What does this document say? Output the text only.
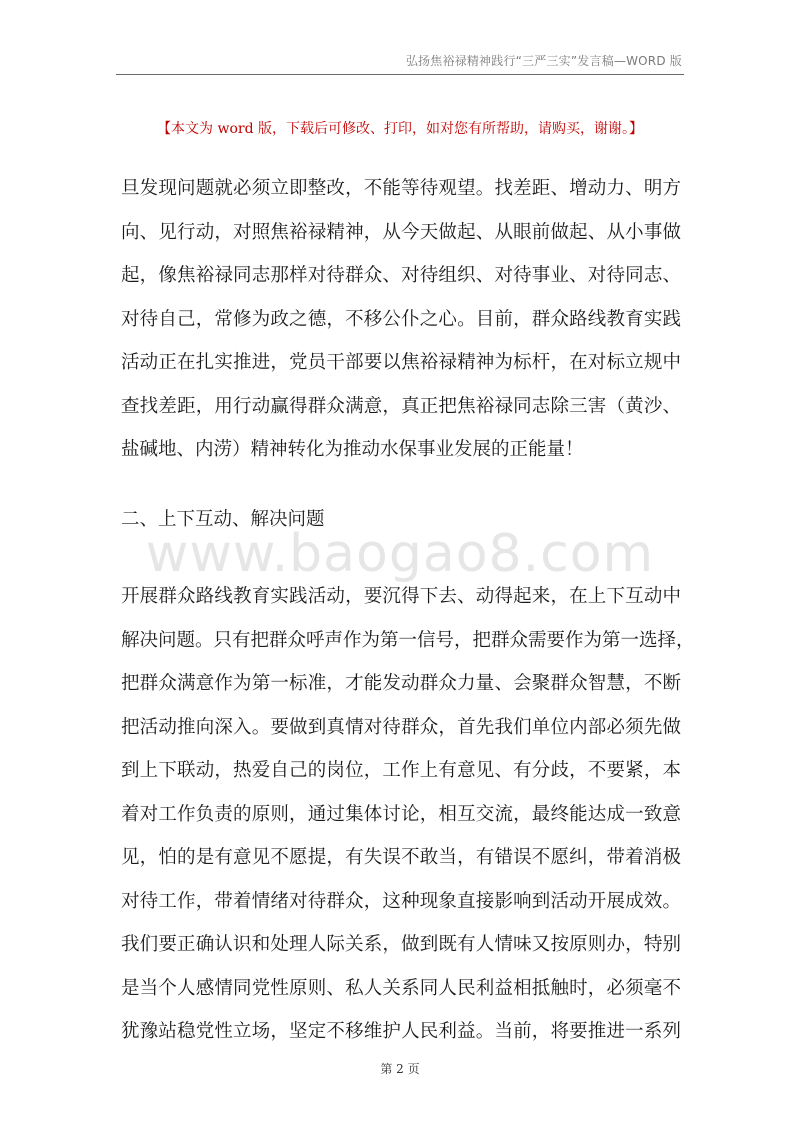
弘扬焦裕禄精神践行“三严三实”发言稿—WORD 版
【本文为 word 版，下载后可修改、打印，如对您有所帮助，请购买，谢谢。】
旦发现问题就必须立即整改，不能等待观望。找差距、增动力、明方
向、见行动，对照焦裕禄精神，从今天做起、从眼前做起、从小事做
起，像焦裕禄同志那样对待群众、对待组织、对待事业、对待同志、
对待自己，常修为政之德，不移公仆之心。目前，群众路线教育实践
活动正在扎实推进，党员干部要以焦裕禄精神为标杆，在对标立规中
查找差距，用行动赢得群众满意，真正把焦裕禄同志除三害（黄沙、
盐碱地、内涝）精神转化为推动水保事业发展的正能量！
二、上下互动、解决问题
www.baogao8.com
开展群众路线教育实践活动，要沉得下去、动得起来，在上下互动中
解决问题。只有把群众呼声作为第一信号，把群众需要作为第一选择，
把群众满意作为第一标准，才能发动群众力量、会聚群众智慧，不断
把活动推向深入。要做到真情对待群众，首先我们单位内部必须先做
到上下联动，热爱自己的岗位，工作上有意见、有分歧，不要紧，本
着对工作负责的原则，通过集体讨论，相互交流，最终能达成一致意
见，怕的是有意见不愿提，有失误不敢当，有错误不愿纠，带着消极
对待工作，带着情绪对待群众，这种现象直接影响到活动开展成效。
我们要正确认识和处理人际关系，做到既有人情味又按原则办，特别
是当个人感情同党性原则、私人关系同人民利益相抵触时，必须毫不
犹豫站稳党性立场，坚定不移维护人民利益。当前，将要推进一系列
第 2 页
